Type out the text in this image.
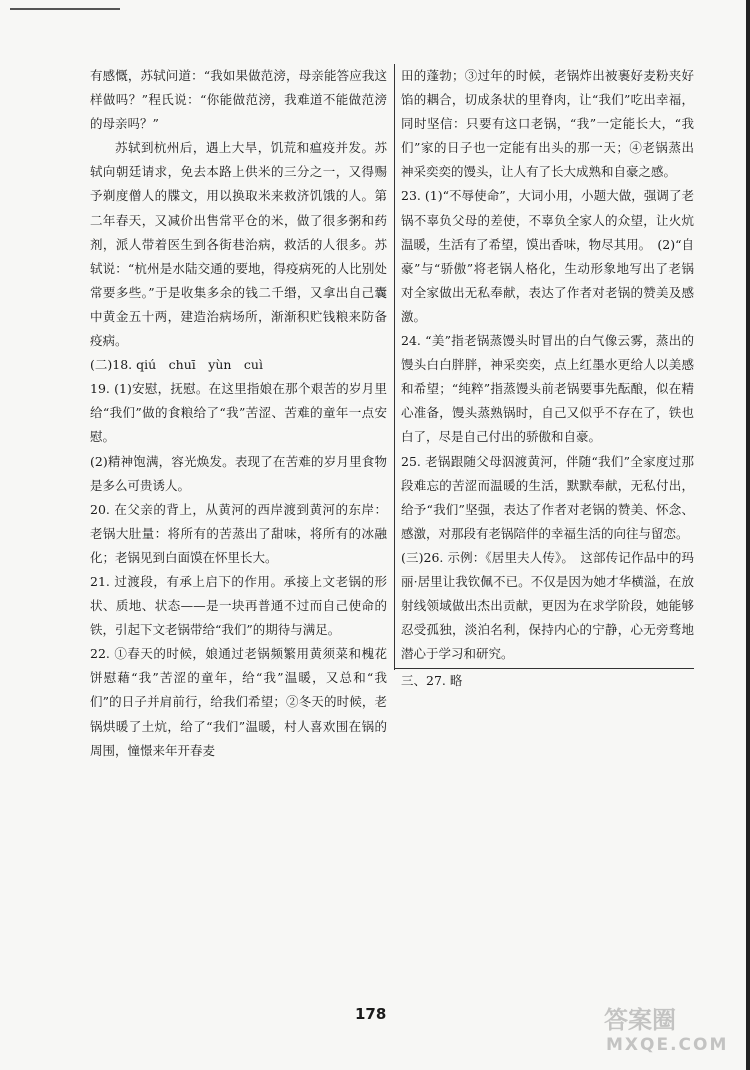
有感慨，苏轼问道：“我如果做范滂，母亲能答应我这样做吗？”程氏说：“你能做范滂，我难道不能做范滂的母亲吗？”

苏轼到杭州后，遇上大旱，饥荒和瘟疫并发。苏轼向朝廷请求，免去本路上供米的三分之一，又得赐予剃度僧人的牒文，用以换取米来救济饥饿的人。第二年春天，又减价出售常平仓的米，做了很多粥和药剂，派人带着医生到各街巷治病，救活的人很多。苏轼说：“杭州是水陆交通的要地，得疫病死的人比别处常要多些。”于是收集多余的钱二千缗，又拿出自己囊中黄金五十两，建造治病场所，渐渐积贮钱粮来防备疫病。

(二)18. qiú　chuī　yùn　cuì

19. (1)安慰，抚慰。在这里指娘在那个艰苦的岁月里给“我们”做的食粮给了“我”苦涩、苦难的童年一点安慰。

(2)精神饱满，容光焕发。表现了在苦难的岁月里食物是多么可贵诱人。

20. 在父亲的背上，从黄河的西岸渡到黄河的东岸：老锅大肚量：将所有的苦蒸出了甜味，将所有的冰融化；老锅见到白面馍在怀里长大。

21. 过渡段，有承上启下的作用。承接上文老锅的形状、质地、状态——是一块再普通不过而自己使命的铁，引起下文老锅带给“我们”的期待与满足。

22. ①春天的时候，娘通过老锅频繁用黄须菜和槐花饼慰藉“我”苦涩的童年，给“我”温暖，又总和“我们”的日子并肩前行，给我们希望；②冬天的时候，老锅烘暖了土炕，给了“我们”温暖，村人喜欢围在锅的周围，憧憬来年开春麦

田的蓬勃；③过年的时候，老锅炸出被裹好麦粉夹好馅的耦合，切成条状的里脊肉，让“我们”吃出幸福，同时坚信：只要有这口老锅，“我”一定能长大，“我们”家的日子也一定能有出头的那一天；④老锅蒸出神采奕奕的馒头，让人有了长大成熟和自豪之感。

23. (1)“不辱使命”，大词小用，小题大做，强调了老锅不辜负父母的差使，不辜负全家人的众望，让火炕温暖，生活有了希望，馍出香味，物尽其用。　(2)“自豪”与“骄傲”将老锅人格化，生动形象地写出了老锅对全家做出无私奉献，表达了作者对老锅的赞美及感激。

24. “美”指老锅蒸馒头时冒出的白气像云雾，蒸出的馒头白白胖胖，神采奕奕，点上红墨水更给人以美感和希望；“纯粹”指蒸馒头前老锅要事先酝酿，似在精心准备，馒头蒸熟锅时，自己又似乎不存在了，铁也白了，尽是自己付出的骄傲和自豪。

25. 老锅跟随父母泅渡黄河，伴随“我们”全家度过那段难忘的苦涩而温暖的生活，默默奉献，无私付出，给予“我们”坚强，表达了作者对老锅的赞美、怀念、感激，对那段有老锅陪伴的幸福生活的向往与留恋。

(三)26. 示例：《居里夫人传》。　这部传记作品中的玛丽·居里让我钦佩不已。不仅是因为她才华横溢，在放射线领域做出杰出贡献，更因为在求学阶段，她能够忍受孤独，淡泊名利，保持内心的宁静，心无旁骛地潜心于学习和研究。

三、27. 略

178	答案圈
MXQE.COM
